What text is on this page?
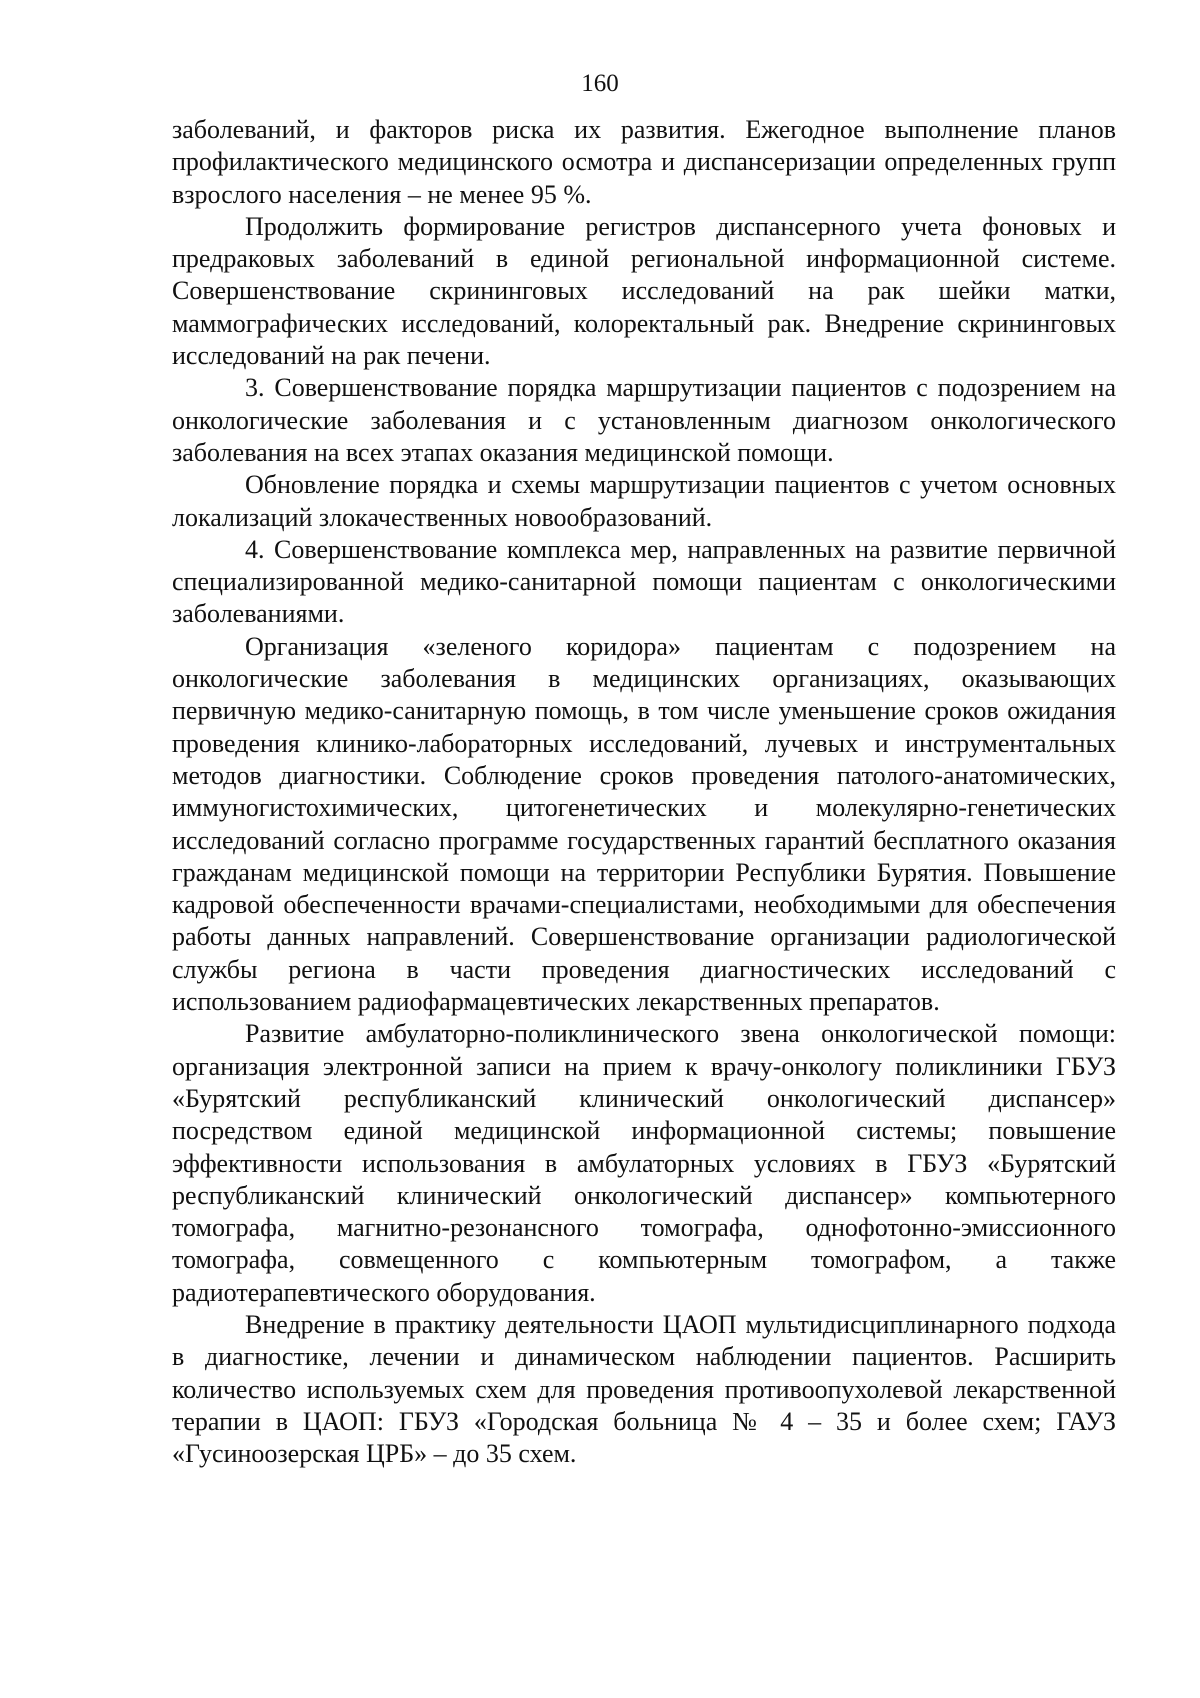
160

заболеваний, и факторов риска их развития. Ежегодное выполнение планов профилактического медицинского осмотра и диспансеризации определенных групп взрослого населения – не менее 95 %.

Продолжить формирование регистров диспансерного учета фоновых и предраковых заболеваний в единой региональной информационной системе. Совершенствование скрининговых исследований на рак шейки матки, маммографических исследований, колоректальный рак. Внедрение скрининговых исследований на рак печени.

3. Совершенствование порядка маршрутизации пациентов с подозрением на онкологические заболевания и с установленным диагнозом онкологического заболевания на всех этапах оказания медицинской помощи.

Обновление порядка и схемы маршрутизации пациентов с учетом основных локализаций злокачественных новообразований.

4. Совершенствование комплекса мер, направленных на развитие первичной специализированной медико-санитарной помощи пациентам с онкологическими заболеваниями.

Организация «зеленого коридора» пациентам с подозрением на онкологические заболевания в медицинских организациях, оказывающих первичную медико-санитарную помощь, в том числе уменьшение сроков ожидания проведения клинико-лабораторных исследований, лучевых и инструментальных методов диагностики. Соблюдение сроков проведения патолого-анатомических, иммуногистохимических, цитогенетических и молекулярно-генетических исследований согласно программе государственных гарантий бесплатного оказания гражданам медицинской помощи на территории Республики Бурятия. Повышение кадровой обеспеченности врачами-специалистами, необходимыми для обеспечения работы данных направлений. Совершенствование организации радиологической службы региона в части проведения диагностических исследований с использованием радиофармацевтических лекарственных препаратов.

Развитие амбулаторно-поликлинического звена онкологической помощи: организация электронной записи на прием к врачу-онкологу поликлиники ГБУЗ «Бурятский республиканский клинический онкологический диспансер» посредством единой медицинской информационной системы; повышение эффективности использования в амбулаторных условиях в ГБУЗ «Бурятский республиканский клинический онкологический диспансер» компьютерного томографа, магнитно-резонансного томографа, однофотонно-эмиссионного томографа, совмещенного с компьютерным томографом, а также радиотерапевтического оборудования.

Внедрение в практику деятельности ЦАОП мультидисциплинарного подхода в диагностике, лечении и динамическом наблюдении пациентов. Расширить количество используемых схем для проведения противоопухолевой лекарственной терапии в ЦАОП: ГБУЗ «Городская больница № 4 – 35 и более схем; ГАУЗ «Гусиноозерская ЦРБ» – до 35 схем.
